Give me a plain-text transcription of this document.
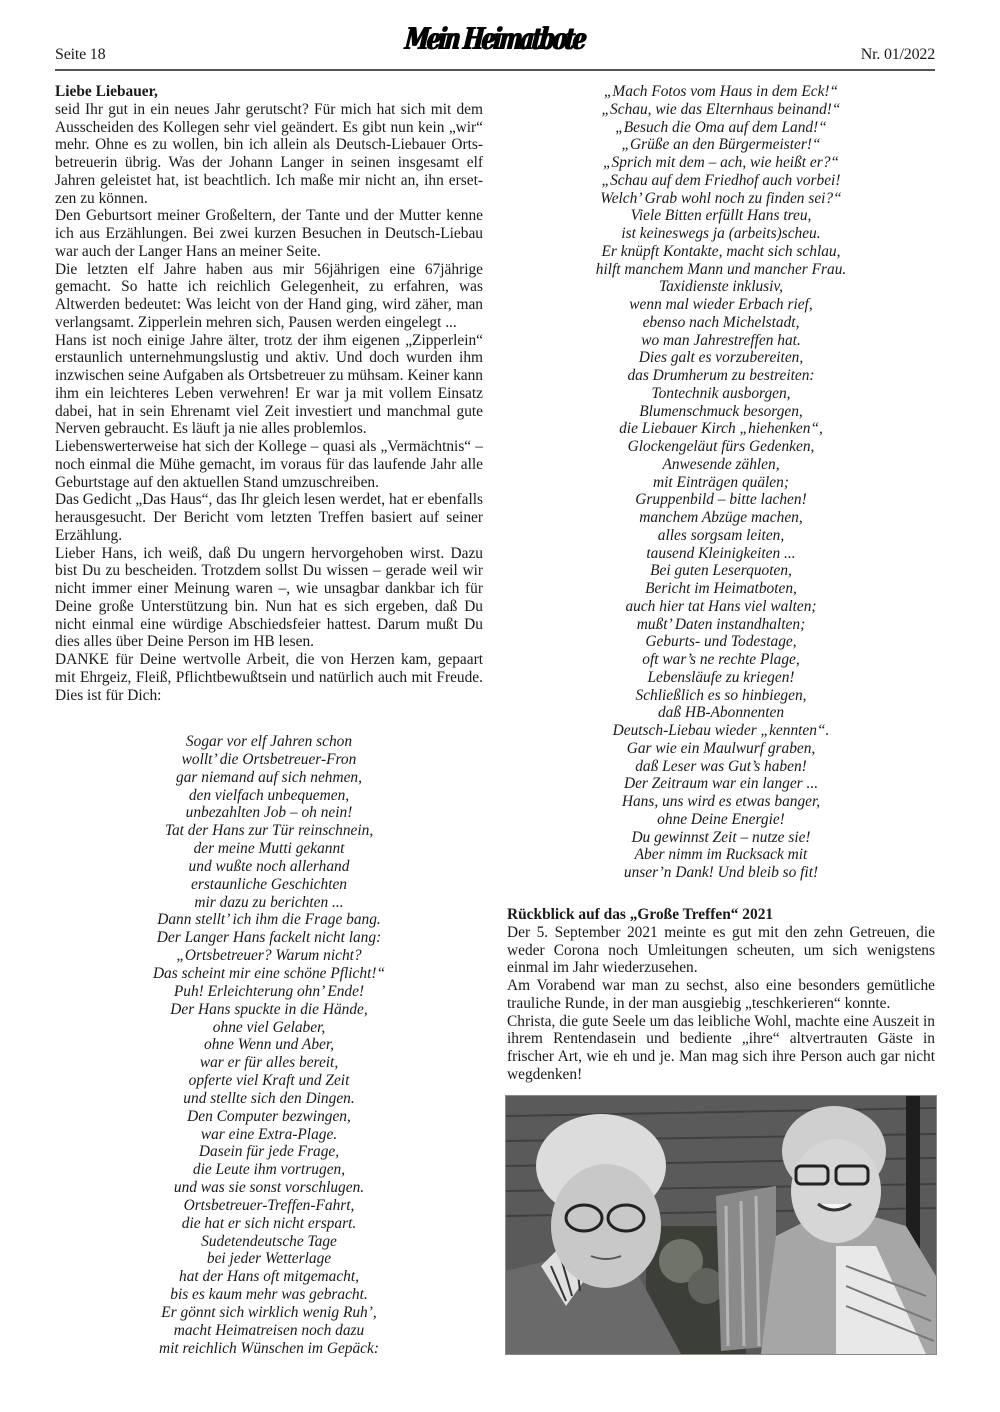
Seite 18	Mein Heimatbote	Nr. 01/2022

Liebe Liebauer,

seid Ihr gut in ein neues Jahr gerutscht? Für mich hat sich mit dem Ausscheiden des Kollegen sehr viel geändert. Es gibt nun kein „wir“ mehr. Ohne es zu wollen, bin ich allein als Deutsch-Liebauer Ortsbetreuerin übrig. Was der Johann Langer in seinen insgesamt elf Jahren geleistet hat, ist beachtlich. Ich maße mir nicht an, ihn ersetzen zu können.

Den Geburtsort meiner Großeltern, der Tante und der Mutter kenne ich aus Erzählungen. Bei zwei kurzen Besuchen in Deutsch-Liebau war auch der Langer Hans an meiner Seite.

Die letzten elf Jahre haben aus mir 56jährigen eine 67jährige gemacht. So hatte ich reichlich Gelegenheit, zu erfahren, was Altwerden bedeutet: Was leicht von der Hand ging, wird zäher, man verlangsamt. Zipperlein mehren sich, Pausen werden eingelegt ...

Hans ist noch einige Jahre älter, trotz der ihm eigenen „Zipperlein“ erstaunlich unternehmungslustig und aktiv. Und doch wurden ihm inzwischen seine Aufgaben als Ortsbetreuer zu mühsam. Keiner kann ihm ein leichteres Leben verwehren! Er war ja mit vollem Einsatz dabei, hat in sein Ehrenamt viel Zeit investiert und manchmal gute Nerven gebraucht. Es läuft ja nie alles problemlos.

Liebenswerterweise hat sich der Kollege – quasi als „Vermächtnis“ – noch einmal die Mühe gemacht, im voraus für das laufende Jahr alle Geburtstage auf den aktuellen Stand umzuschreiben.

Das Gedicht „Das Haus“, das Ihr gleich lesen werdet, hat er ebenfalls herausgesucht. Der Bericht vom letzten Treffen basiert auf seiner Erzählung.

Lieber Hans, ich weiß, daß Du ungern hervorgehoben wirst. Dazu bist Du zu bescheiden. Trotzdem sollst Du wissen – gerade weil wir nicht immer einer Meinung waren –, wie unsagbar dankbar ich für Deine große Unterstützung bin. Nun hat es sich ergeben, daß Du nicht einmal eine würdige Abschiedsfeier hattest. Darum mußt Du dies alles über Deine Person im HB lesen.

DANKE für Deine wertvolle Arbeit, die von Herzen kam, gepaart mit Ehrgeiz, Fleiß, Pflichtbewußtsein und natürlich auch mit Freude. Dies ist für Dich:

Sogar vor elf Jahren schon
wollt’ die Ortsbetreuer-Fron
gar niemand auf sich nehmen,
den vielfach unbequemen,
unbezahlten Job – oh nein!
Tat der Hans zur Tür reinschnein,
der meine Mutti gekannt
und wußte noch allerhand
erstaunliche Geschichten
mir dazu zu berichten ...
Dann stellt’ ich ihm die Frage bang.
Der Langer Hans fackelt nicht lang:
„Ortsbetreuer? Warum nicht?
Das scheint mir eine schöne Pflicht!“
Puh! Erleichterung ohn’ Ende!
Der Hans spuckte in die Hände,
ohne viel Gelaber,
ohne Wenn und Aber,
war er für alles bereit,
opferte viel Kraft und Zeit
und stellte sich den Dingen.
Den Computer bezwingen,
war eine Extra-Plage.
Dasein für jede Frage,
die Leute ihm vortrugen,
und was sie sonst vorschlugen.
Ortsbetreuer-Treffen-Fahrt,
die hat er sich nicht erspart.
Sudetendeutsche Tage
bei jeder Wetterlage
hat der Hans oft mitgemacht,
bis es kaum mehr was gebracht.
Er gönnt sich wirklich wenig Ruh’,
macht Heimatreisen noch dazu
mit reichlich Wünschen im Gepäck:
„Mach Fotos vom Haus in dem Eck!“
„Schau, wie das Elternhaus beinand!“
„Besuch die Oma auf dem Land!“
„Grüße an den Bürgermeister!“
„Sprich mit dem – ach, wie heißt er?“
„Schau auf dem Friedhof auch vorbei!
Welch’ Grab wohl noch zu finden sei?“
Viele Bitten erfüllt Hans treu,
ist keineswegs ja (arbeits)scheu.
Er knüpft Kontakte, macht sich schlau,
hilft manchem Mann und mancher Frau.
Taxidienste inklusiv,
wenn mal wieder Erbach rief,
ebenso nach Michelstadt,
wo man Jahrestreffen hat.
Dies galt es vorzubereiten,
das Drumherum zu bestreiten:
Tontechnik ausborgen,
Blumenschmuck besorgen,
die Liebauer Kirch „hiehenken“,
Glockengeläut fürs Gedenken,
Anwesende zählen,
mit Einträgen quälen;
Gruppenbild – bitte lachen!
manchem Abzüge machen,
alles sorgsam leiten,
tausend Kleinigkeiten ...
Bei guten Leserquoten,
Bericht im Heimatboten,
auch hier tat Hans viel walten;
mußt’ Daten instandhalten;
Geburts- und Todestage,
oft war’s ne rechte Plage,
Lebensläufe zu kriegen!
Schließlich es so hinbiegen,
daß HB-Abonnenten
Deutsch-Liebau wieder „kennten“.
Gar wie ein Maulwurf graben,
daß Leser was Gut’s haben!
Der Zeitraum war ein langer ...
Hans, uns wird es etwas banger,
ohne Deine Energie!
Du gewinnst Zeit – nutze sie!
Aber nimm im Rucksack mit
unser’n Dank! Und bleib so fit!

Rückblick auf das „Große Treffen“ 2021

Der 5. September 2021 meinte es gut mit den zehn Getreuen, die weder Corona noch Umleitungen scheuten, um sich wenigstens einmal im Jahr wiederzusehen.

Am Vorabend war man zu sechst, also eine besonders gemütliche trauliche Runde, in der man ausgiebig „teschkerieren“ konnte.

Christa, die gute Seele um das leibliche Wohl, machte eine Auszeit in ihrem Rentendasein und bediente „ihre“ altvertrauten Gäste in frischer Art, wie eh und je. Man mag sich ihre Person auch gar nicht wegdenken!
